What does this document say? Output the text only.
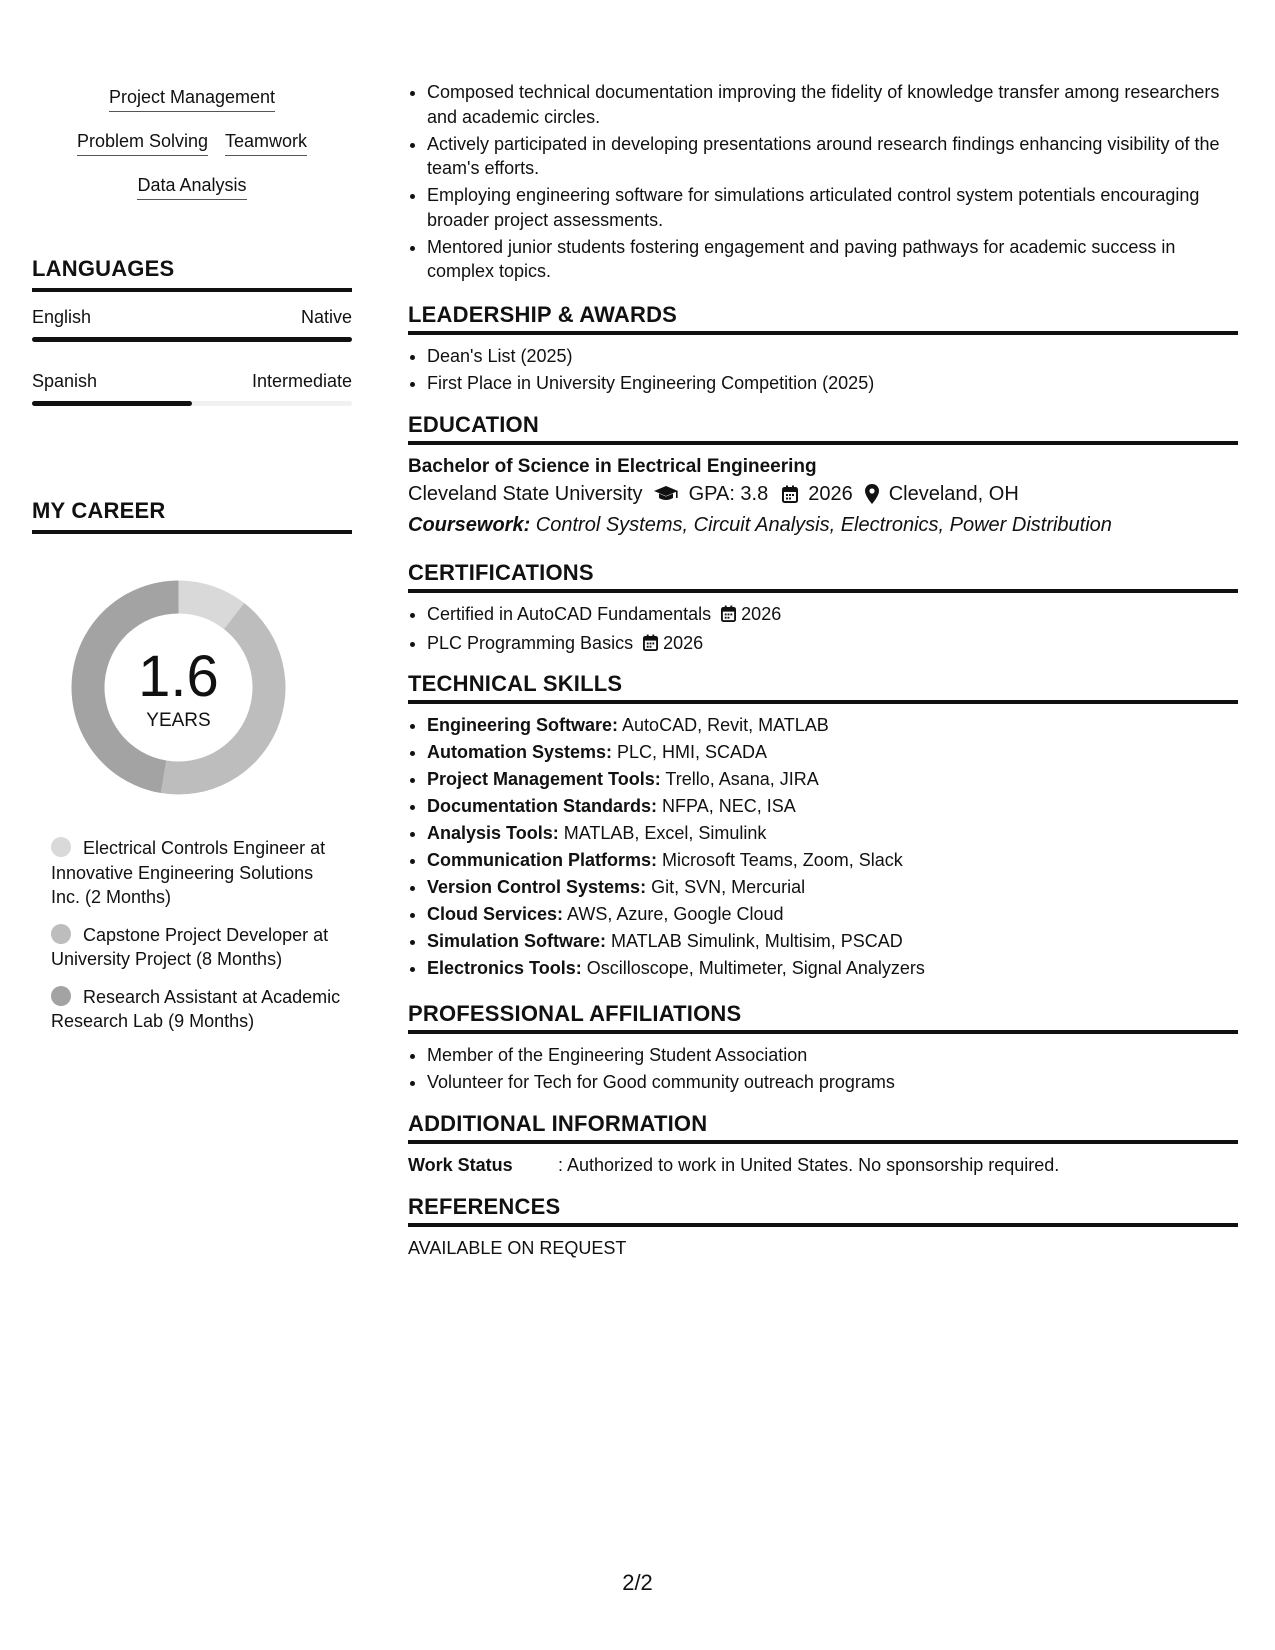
Project Management
Problem Solving Teamwork
Data Analysis
LANGUAGES
English	Native
Spanish	Intermediate
MY CAREER
1.6
YEARS
Electrical Controls Engineer at Innovative Engineering Solutions Inc. (2 Months)
Capstone Project Developer at University Project (8 Months)
Research Assistant at Academic Research Lab (9 Months)
• Composed technical documentation improving the fidelity of knowledge transfer among researchers and academic circles.
• Actively participated in developing presentations around research findings enhancing visibility of the team's efforts.
• Employing engineering software for simulations articulated control system potentials encouraging broader project assessments.
• Mentored junior students fostering engagement and paving pathways for academic success in complex topics.
LEADERSHIP & AWARDS
• Dean's List (2025)
• First Place in University Engineering Competition (2025)
EDUCATION
Bachelor of Science in Electrical Engineering
Cleveland State University GPA: 3.8 2026 Cleveland, OH
Coursework: Control Systems, Circuit Analysis, Electronics, Power Distribution
CERTIFICATIONS
• Certified in AutoCAD Fundamentals 2026
• PLC Programming Basics 2026
TECHNICAL SKILLS
• Engineering Software: AutoCAD, Revit, MATLAB
• Automation Systems: PLC, HMI, SCADA
• Project Management Tools: Trello, Asana, JIRA
• Documentation Standards: NFPA, NEC, ISA
• Analysis Tools: MATLAB, Excel, Simulink
• Communication Platforms: Microsoft Teams, Zoom, Slack
• Version Control Systems: Git, SVN, Mercurial
• Cloud Services: AWS, Azure, Google Cloud
• Simulation Software: MATLAB Simulink, Multisim, PSCAD
• Electronics Tools: Oscilloscope, Multimeter, Signal Analyzers
PROFESSIONAL AFFILIATIONS
• Member of the Engineering Student Association
• Volunteer for Tech for Good community outreach programs
ADDITIONAL INFORMATION
Work Status	: Authorized to work in United States. No sponsorship required.
REFERENCES
AVAILABLE ON REQUEST
2/2
